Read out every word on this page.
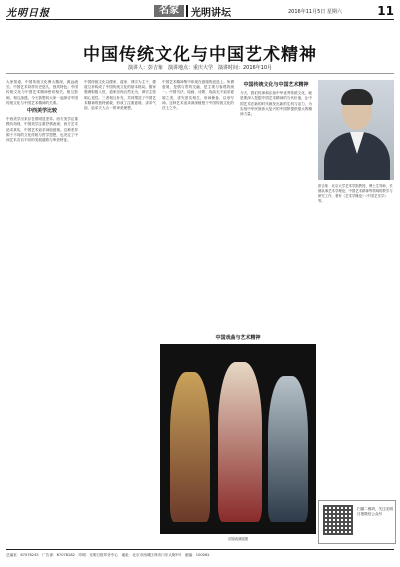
光明日报	名家	光明讲坛	2016年11月5日 星期六	11
中国传统文化与中国艺术精神
演讲人：彭吉象　演讲地点：重庆大学　演讲时间：2016年10月

大家知道，中国传统文化博大精深，源远流长。中国艺术同样历史悠久，独具特色。中国传统文化与中国艺术精神密切相关，相互影响，相互渗透。今天我想同大家一起探讨中国传统文化与中国艺术精神的关系。

中西美学比较

中西美学历来存在着明显差异。西方美学注重模仿再现，中国美学注重抒情表现；西方艺术追求真实，中国艺术追求神韵意境。这种差异源于不同的文化传统与哲学思想，也决定了中西艺术各自不同的发展道路与审美特征。

中国传统文化以儒家、道家、禅宗为主干，儒道互补构成了中国传统文化的基本格局。儒家强调积极入世，道家崇尚自然无为，禅宗主张明心见性。三者相互补充，共同塑造了中国艺术精神的独特面貌，形成了注重意境、讲求气韵、追求天人合一的审美理想。

中国艺术精神集中体现在意境的创造上。所谓意境，是情与景的交融，是主观与客观的统一。中国书法、绘画、诗歌、戏曲无不追求意境之美，讲究虚实相生、形神兼备、以形写神。这种艺术追求深深植根于中国传统文化的沃土之中。

中国传统文化与中国艺术精神

今天，我们传承和弘扬中华优秀传统文化，就是要深入挖掘中国艺术精神的当代价值，让中国艺术在新的时代焕发出新的生机与活力，为实现中华民族伟大复兴的中国梦提供强大的精神力量。

彭吉象　北京大学艺术学院教授、博士生导师，长期从事艺术学理论、中国艺术精神等领域的教学与研究工作，著有《艺术学概论》《中国艺术学》等。
中国戏曲与艺术精神
京剧表演剧照
扫描二维码，关注光明日报微信公众号
总编室：67078245　广告部：67078282　印刷：光明日报印务中心　地址：北京市西城区珠市口东大街5号　邮编：100062
